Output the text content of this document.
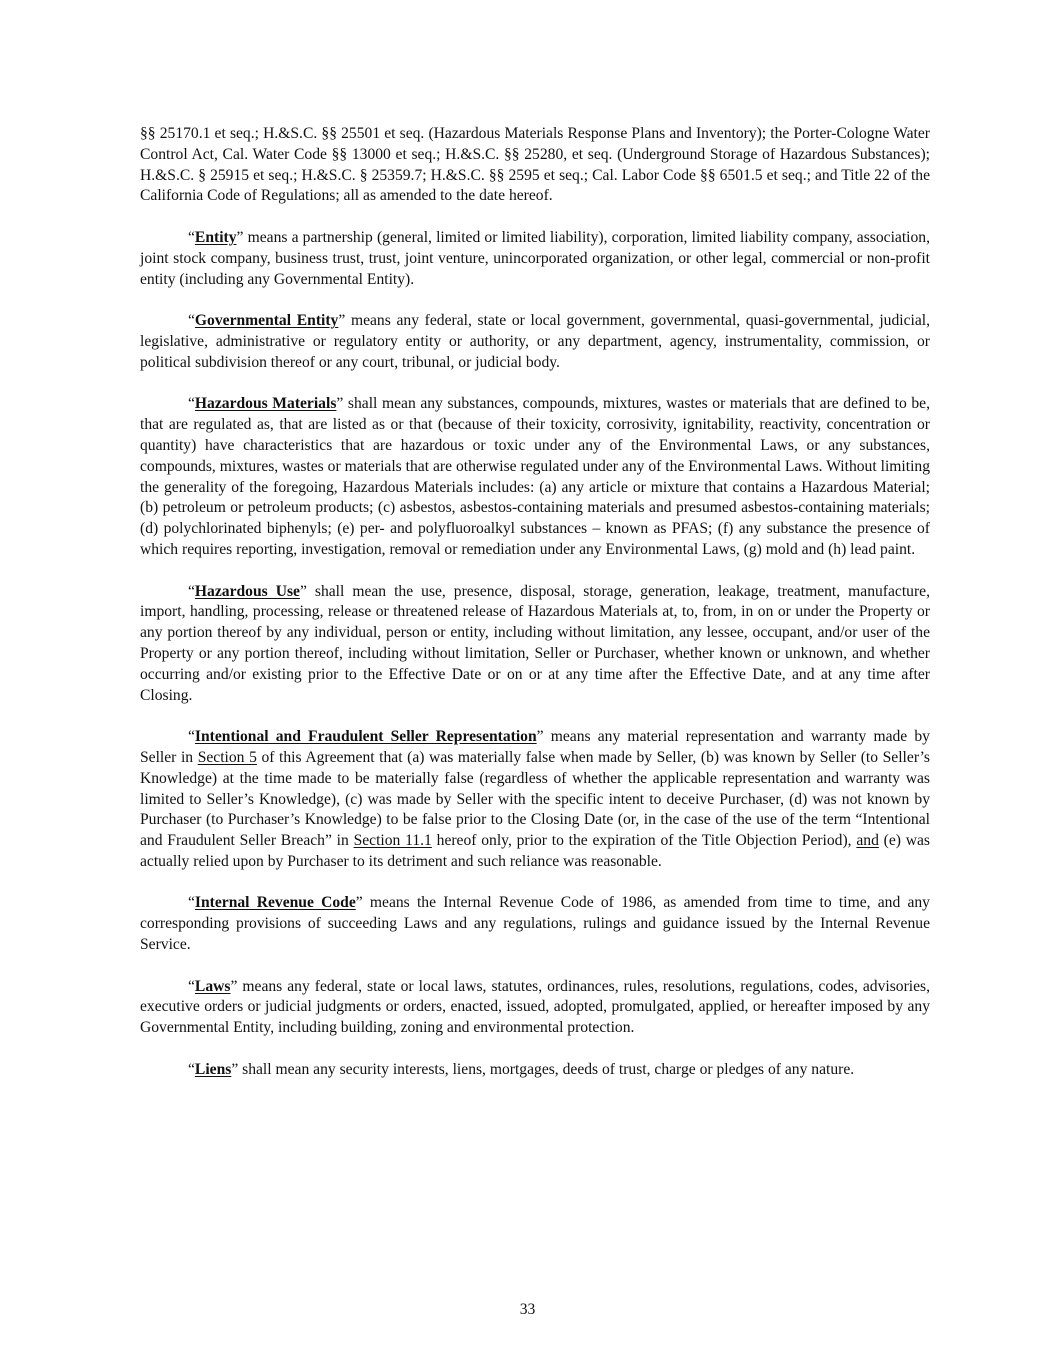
§§ 25170.1 et seq.; H.&S.C. §§ 25501 et seq. (Hazardous Materials Response Plans and Inventory); the Porter-Cologne Water Control Act, Cal. Water Code §§ 13000 et seq.; H.&S.C. §§ 25280, et seq. (Underground Storage of Hazardous Substances); H.&S.C. § 25915 et seq.; H.&S.C. § 25359.7; H.&S.C. §§ 2595 et seq.; Cal. Labor Code §§ 6501.5 et seq.; and Title 22 of the California Code of Regulations; all as amended to the date hereof.

“Entity” means a partnership (general, limited or limited liability), corporation, limited liability company, association, joint stock company, business trust, trust, joint venture, unincorporated organization, or other legal, commercial or non-profit entity (including any Governmental Entity).

“Governmental Entity” means any federal, state or local government, governmental, quasi-governmental, judicial, legislative, administrative or regulatory entity or authority, or any department, agency, instrumentality, commission, or political subdivision thereof or any court, tribunal, or judicial body.

“Hazardous Materials” shall mean any substances, compounds, mixtures, wastes or materials that are defined to be, that are regulated as, that are listed as or that (because of their toxicity, corrosivity, ignitability, reactivity, concentration or quantity) have characteristics that are hazardous or toxic under any of the Environmental Laws, or any substances, compounds, mixtures, wastes or materials that are otherwise regulated under any of the Environmental Laws. Without limiting the generality of the foregoing, Hazardous Materials includes: (a) any article or mixture that contains a Hazardous Material; (b) petroleum or petroleum products; (c) asbestos, asbestos-containing materials and presumed asbestos-containing materials; (d) polychlorinated biphenyls; (e) per- and polyfluoroalkyl substances – known as PFAS; (f) any substance the presence of which requires reporting, investigation, removal or remediation under any Environmental Laws, (g) mold and (h) lead paint.

“Hazardous Use” shall mean the use, presence, disposal, storage, generation, leakage, treatment, manufacture, import, handling, processing, release or threatened release of Hazardous Materials at, to, from, in on or under the Property or any portion thereof by any individual, person or entity, including without limitation, any lessee, occupant, and/or user of the Property or any portion thereof, including without limitation, Seller or Purchaser, whether known or unknown, and whether occurring and/or existing prior to the Effective Date or on or at any time after the Effective Date, and at any time after Closing.

“Intentional and Fraudulent Seller Representation” means any material representation and warranty made by Seller in Section 5 of this Agreement that (a) was materially false when made by Seller, (b) was known by Seller (to Seller’s Knowledge) at the time made to be materially false (regardless of whether the applicable representation and warranty was limited to Seller’s Knowledge), (c) was made by Seller with the specific intent to deceive Purchaser, (d) was not known by Purchaser (to Purchaser’s Knowledge) to be false prior to the Closing Date (or, in the case of the use of the term “Intentional and Fraudulent Seller Breach” in Section 11.1 hereof only, prior to the expiration of the Title Objection Period), and (e) was actually relied upon by Purchaser to its detriment and such reliance was reasonable.

“Internal Revenue Code” means the Internal Revenue Code of 1986, as amended from time to time, and any corresponding provisions of succeeding Laws and any regulations, rulings and guidance issued by the Internal Revenue Service.

“Laws” means any federal, state or local laws, statutes, ordinances, rules, resolutions, regulations, codes, advisories, executive orders or judicial judgments or orders, enacted, issued, adopted, promulgated, applied, or hereafter imposed by any Governmental Entity, including building, zoning and environmental protection.

“Liens” shall mean any security interests, liens, mortgages, deeds of trust, charge or pledges of any nature.

33
